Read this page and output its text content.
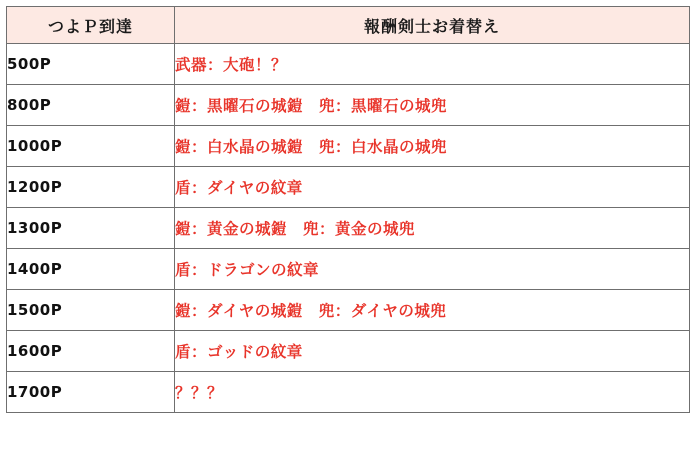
つよＰ到達	報酬剣士お着替え
500P	武器：大砲！？
800P	鎧：黒曜石の城鎧　兜：黒曜石の城兜
1000P	鎧：白水晶の城鎧　兜：白水晶の城兜
1200P	盾：ダイヤの紋章
1300P	鎧：黄金の城鎧　兜：黄金の城兜
1400P	盾：ドラゴンの紋章
1500P	鎧：ダイヤの城鎧　兜：ダイヤの城兜
1600P	盾：ゴッドの紋章
1700P	？？？
